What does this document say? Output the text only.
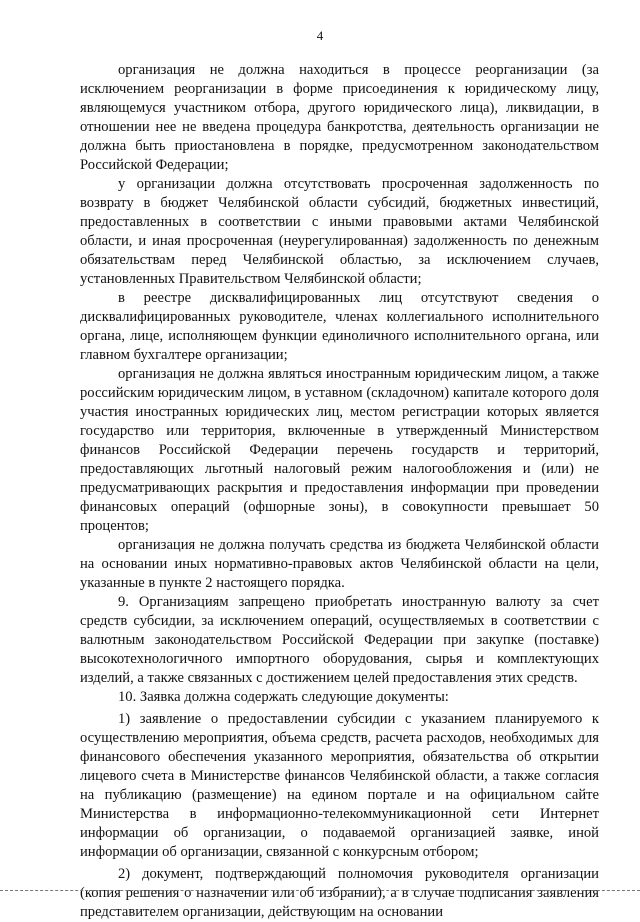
4

организация не должна находиться в процессе реорганизации (за исключением реорганизации в форме присоединения к юридическому лицу, являющемуся участником отбора, другого юридического лица), ликвидации, в отношении нее не введена процедура банкротства, деятельность организации не должна быть приостановлена в порядке, предусмотренном законодательством Российской Федерации;

у организации должна отсутствовать просроченная задолженность по возврату в бюджет Челябинской области субсидий, бюджетных инвестиций, предоставленных в соответствии с иными правовыми актами Челябинской области, и иная просроченная (неурегулированная) задолженность по денежным обязательствам перед Челябинской областью, за исключением случаев, установленных Правительством Челябинской области;

в реестре дисквалифицированных лиц отсутствуют сведения о дисквалифицированных руководителе, членах коллегиального исполнительного органа, лице, исполняющем функции единоличного исполнительного органа, или главном бухгалтере организации;

организация не должна являться иностранным юридическим лицом, а также российским юридическим лицом, в уставном (складочном) капитале которого доля участия иностранных юридических лиц, местом регистрации которых является государство или территория, включенные в утвержденный Министерством финансов Российской Федерации перечень государств и территорий, предоставляющих льготный налоговый режим налогообложения и (или) не предусматривающих раскрытия и предоставления информации при проведении финансовых операций (офшорные зоны), в совокупности превышает 50 процентов;

организация не должна получать средства из бюджета Челябинской области на основании иных нормативно-правовых актов Челябинской области на цели, указанные в пункте 2 настоящего порядка.

9. Организациям запрещено приобретать иностранную валюту за счет средств субсидии, за исключением операций, осуществляемых в соответствии с валютным законодательством Российской Федерации при закупке (поставке) высокотехнологичного импортного оборудования, сырья и комплектующих изделий, а также связанных с достижением целей предоставления этих средств.

10. Заявка должна содержать следующие документы:

1) заявление о предоставлении субсидии с указанием планируемого к осуществлению мероприятия, объема средств, расчета расходов, необходимых для финансового обеспечения указанного мероприятия, обязательства об открытии лицевого счета в Министерстве финансов Челябинской области, а также согласия на публикацию (размещение) на едином портале и на официальном сайте Министерства в информационно-телекоммуникационной сети Интернет информации об организации, о подаваемой организацией заявке, иной информации об организации, связанной с конкурсным отбором;

2) документ, подтверждающий полномочия руководителя организации (копия решения о назначении или об избрании), а в случае подписания заявления представителем организации, действующим на основании
